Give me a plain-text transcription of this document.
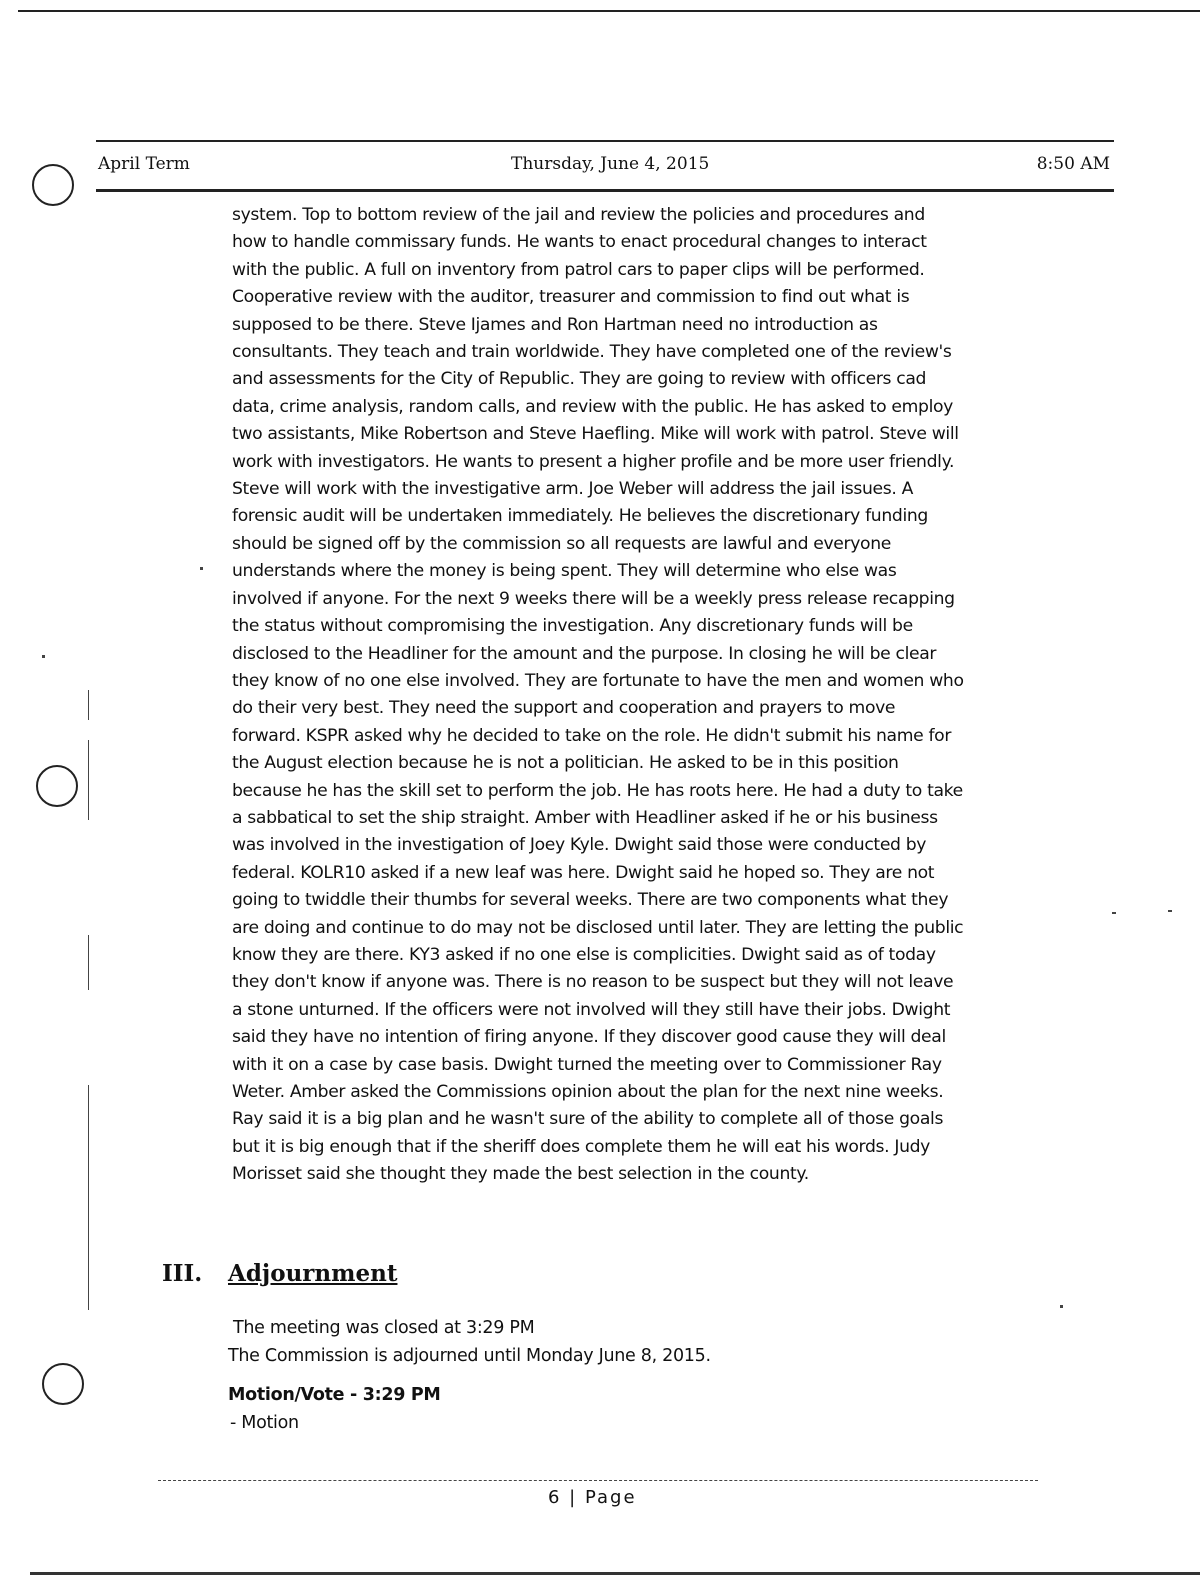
April Term	Thursday, June 4, 2015	8:50 AM
system. Top to bottom review of the jail and review the policies and procedures and
how to handle commissary funds. He wants to enact procedural changes to interact
with the public. A full on inventory from patrol cars to paper clips will be performed.
Cooperative review with the auditor, treasurer and commission to find out what is
supposed to be there. Steve Ijames and Ron Hartman need no introduction as
consultants. They teach and train worldwide. They have completed one of the review's
and assessments for the City of Republic. They are going to review with officers cad
data, crime analysis, random calls, and review with the public. He has asked to employ
two assistants, Mike Robertson and Steve Haefling. Mike will work with patrol. Steve will
work with investigators. He wants to present a higher profile and be more user friendly.
Steve will work with the investigative arm. Joe Weber will address the jail issues. A
forensic audit will be undertaken immediately. He believes the discretionary funding
should be signed off by the commission so all requests are lawful and everyone
understands where the money is being spent. They will determine who else was
involved if anyone. For the next 9 weeks there will be a weekly press release recapping
the status without compromising the investigation. Any discretionary funds will be
disclosed to the Headliner for the amount and the purpose. In closing he will be clear
they know of no one else involved. They are fortunate to have the men and women who
do their very best. They need the support and cooperation and prayers to move
forward. KSPR asked why he decided to take on the role. He didn't submit his name for
the August election because he is not a politician. He asked to be in this position
because he has the skill set to perform the job. He has roots here. He had a duty to take
a sabbatical to set the ship straight. Amber with Headliner asked if he or his business
was involved in the investigation of Joey Kyle. Dwight said those were conducted by
federal. KOLR10 asked if a new leaf was here. Dwight said he hoped so. They are not
going to twiddle their thumbs for several weeks. There are two components what they
are doing and continue to do may not be disclosed until later. They are letting the public
know they are there. KY3 asked if no one else is complicities. Dwight said as of today
they don't know if anyone was. There is no reason to be suspect but they will not leave
a stone unturned. If the officers were not involved will they still have their jobs. Dwight
said they have no intention of firing anyone. If they discover good cause they will deal
with it on a case by case basis. Dwight turned the meeting over to Commissioner Ray
Weter. Amber asked the Commissions opinion about the plan for the next nine weeks.
Ray said it is a big plan and he wasn't sure of the ability to complete all of those goals
but it is big enough that if the sheriff does complete them he will eat his words. Judy
Morisset said she thought they made the best selection in the county.
III. Adjournment
The meeting was closed at 3:29 PM
The Commission is adjourned until Monday June 8, 2015.
Motion/Vote - 3:29 PM
- Motion
6 | Page
